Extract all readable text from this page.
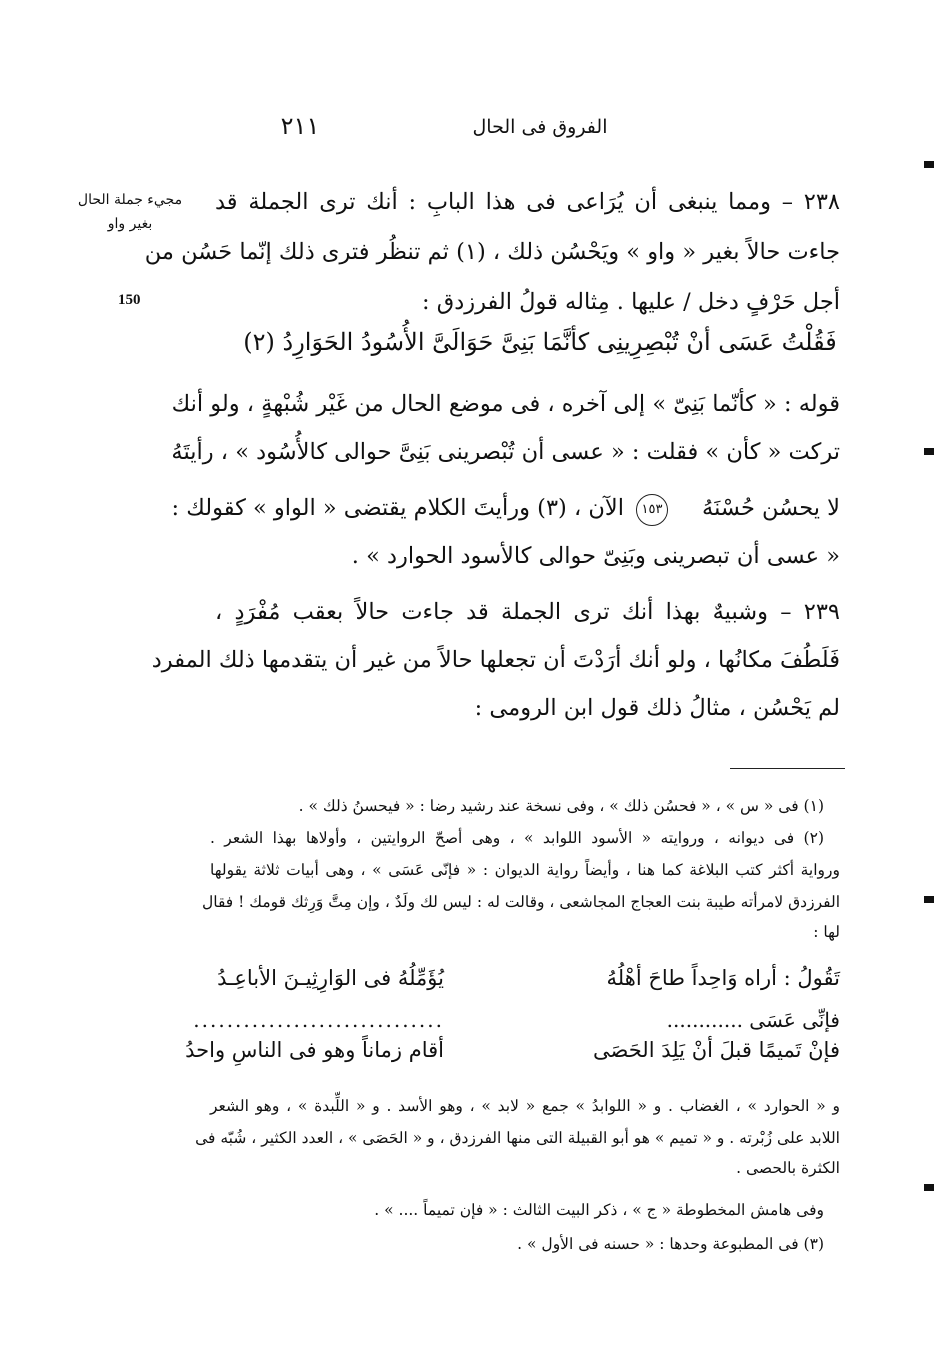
٢١١	الفروق فى الحال
مجيء جملة الحال
بغير واو
150
٢٣٨ – ومما ينبغى أن يُرَاعى فى هذا البابِ : أنك ترى الجملة قد
جاءت حالاً بغير « واو » ويَحْسُن ذلك ، (١) ثم تنظُر فترى ذلك إنّما حَسُن من
أجل حَرْفٍ دخل / عليها . مِثاله قولُ الفرزدق :
فَقُلْتُ عَسَى أنْ تُبْصِرِينِى كأنَّمَا بَنِىَّ حَوَالَىَّ الأُسُودُ الحَوَارِدُ (٢)
قوله : « كأنّما بَنِىّ » إلى آخره ، فى موضع الحال من غَيْر شُبْهةٍ ، ولو أنك
تركت « كأن » فقلت : « عسى أن تُبْصرينى بَنِىَّ حوالى كالأُسُود » ، رأيتَهُ
لا يحسُن حُسْنَهُ
١٥٣
الآن ، (٣) ورأيتَ الكلام يقتضى « الواو » كقولك :
« عسى أن تبصرينى وبَنِىّ حوالى كالأسود الحوارد » .
٢٣٩ – وشبيهٌ بهذا أنك ترى الجملة قد جاءت حالاً بعقب مُفْرَدٍ ،
فَلَطُفَ مكانُها ، ولو أنك أرَدْتَ أن تجعلها حالاً من غير أن يتقدمها ذلك المفرد
لم يَحْسُن ، مثالُ ذلك قول ابن الرومى :
(١) فى « س » ، « فحسُن ذلك » ، وفى نسخة عند رشيد رضا : « فيحسنُ ذلك » .
(٢) فى ديوانه ، وروايته « الأسود اللوابد » ، وهى أصحّ الروايتين ، وأولاها بهذا الشعر .
ورواية أكثر كتب البلاغة كما هنا ، وأيضاً رواية الديوان : « فإنّى عَسَى » ، وهى أبيات ثلاثة يقولها
الفرزدق لامرأته طيبة بنت العجاج المجاشعى ، وقالت له : ليس لك ولَدٌ ، وإن مِتَّ وَرِثك قومك ! فقال
لها :
تَقُولُ : أراه وَاحِداً طاحَ أهْلُهُ
يُؤَمِّلُهُ فى الوَارِثِيـنَ الأباعِـدُ
فإنِّى عَسَى ............
..............................
فإنْ تَميمًا قبلَ أنْ يَلِدَ الحَصَى
أقام زماناً وهو فى الناسِ واحدُ
و « الحوارد » ، الغضاب . و « اللوابدُ » جمع « لابد » ، وهو الأسد . و « اللِّبدة » ، وهو الشعر
اللابد على زُبْرته . و « تميم » هو أبو القبيلة التى منها الفرزدق ، و « الحَصَى » ، العدد الكثير ، شُبّه فى
الكثرة بالحصى .
وفى هامش المخطوطة « ج » ، ذكر البيت الثالث : « فإن تميماً .... » .
(٣) فى المطبوعة وحدها : « حسنه فى الأول » .
